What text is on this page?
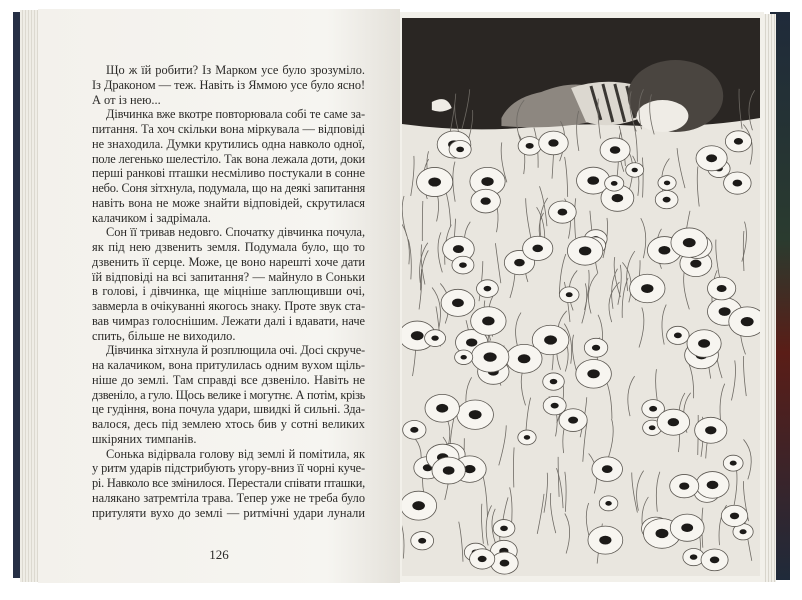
Що ж їй робити? Із Марком усе було зрозуміло.
Із Драконом — теж. Навіть із Яммою усе було ясно!
А от із нею...
Дівчинка вже вкотре повторювала собі те саме за-
питання. Та хоч скільки вона міркувала — відповіді
не знаходила. Думки крутились одна навколо одної,
поле легенько шелестіло. Так вона лежала доти, доки
перші ранкові пташки несміливо постукали в сонне
небо. Соня зітхнула, подумала, що на деякі запитання
навіть вона не може знайти відповідей, скрутилася
калачиком і задрімала.
Сон її тривав недовго. Спочатку дівчинка почула,
як під нею дзвенить земля. Подумала було, що то
дзвенить її серце. Може, це воно нарешті хоче дати
їй відповіді на всі запитання? — майнуло в Соньки
в голові, і дівчинка, ще міцніше заплющивши очі,
завмерла в очікуванні якогось знаку. Проте звук ста-
вав чимраз голоснішим. Лежати далі і вдавати, наче
спить, більше не виходило.
Дівчинка зітхнула й розплющила очі. Досі скруче-
на калачиком, вона притулилась одним вухом щіль-
ніше до землі. Там справді все дзвеніло. Навіть не
дзвеніло, а гуло. Щось велике і могутнє. А потім, крізь
це гудіння, вона почула удари, швидкі й сильні. Зда-
валося, десь під землею хтось бив у сотні великих
шкіряних тимпанів.
Сонька відірвала голову від землі й помітила, як
у ритм ударів підстрибують угору-вниз її чорні куче-
рі. Навколо все змінилося. Перестали співати пташки,
налякано затремтіла трава. Тепер уже не треба було
притуляти вухо до землі — ритмічні удари лунали
126
